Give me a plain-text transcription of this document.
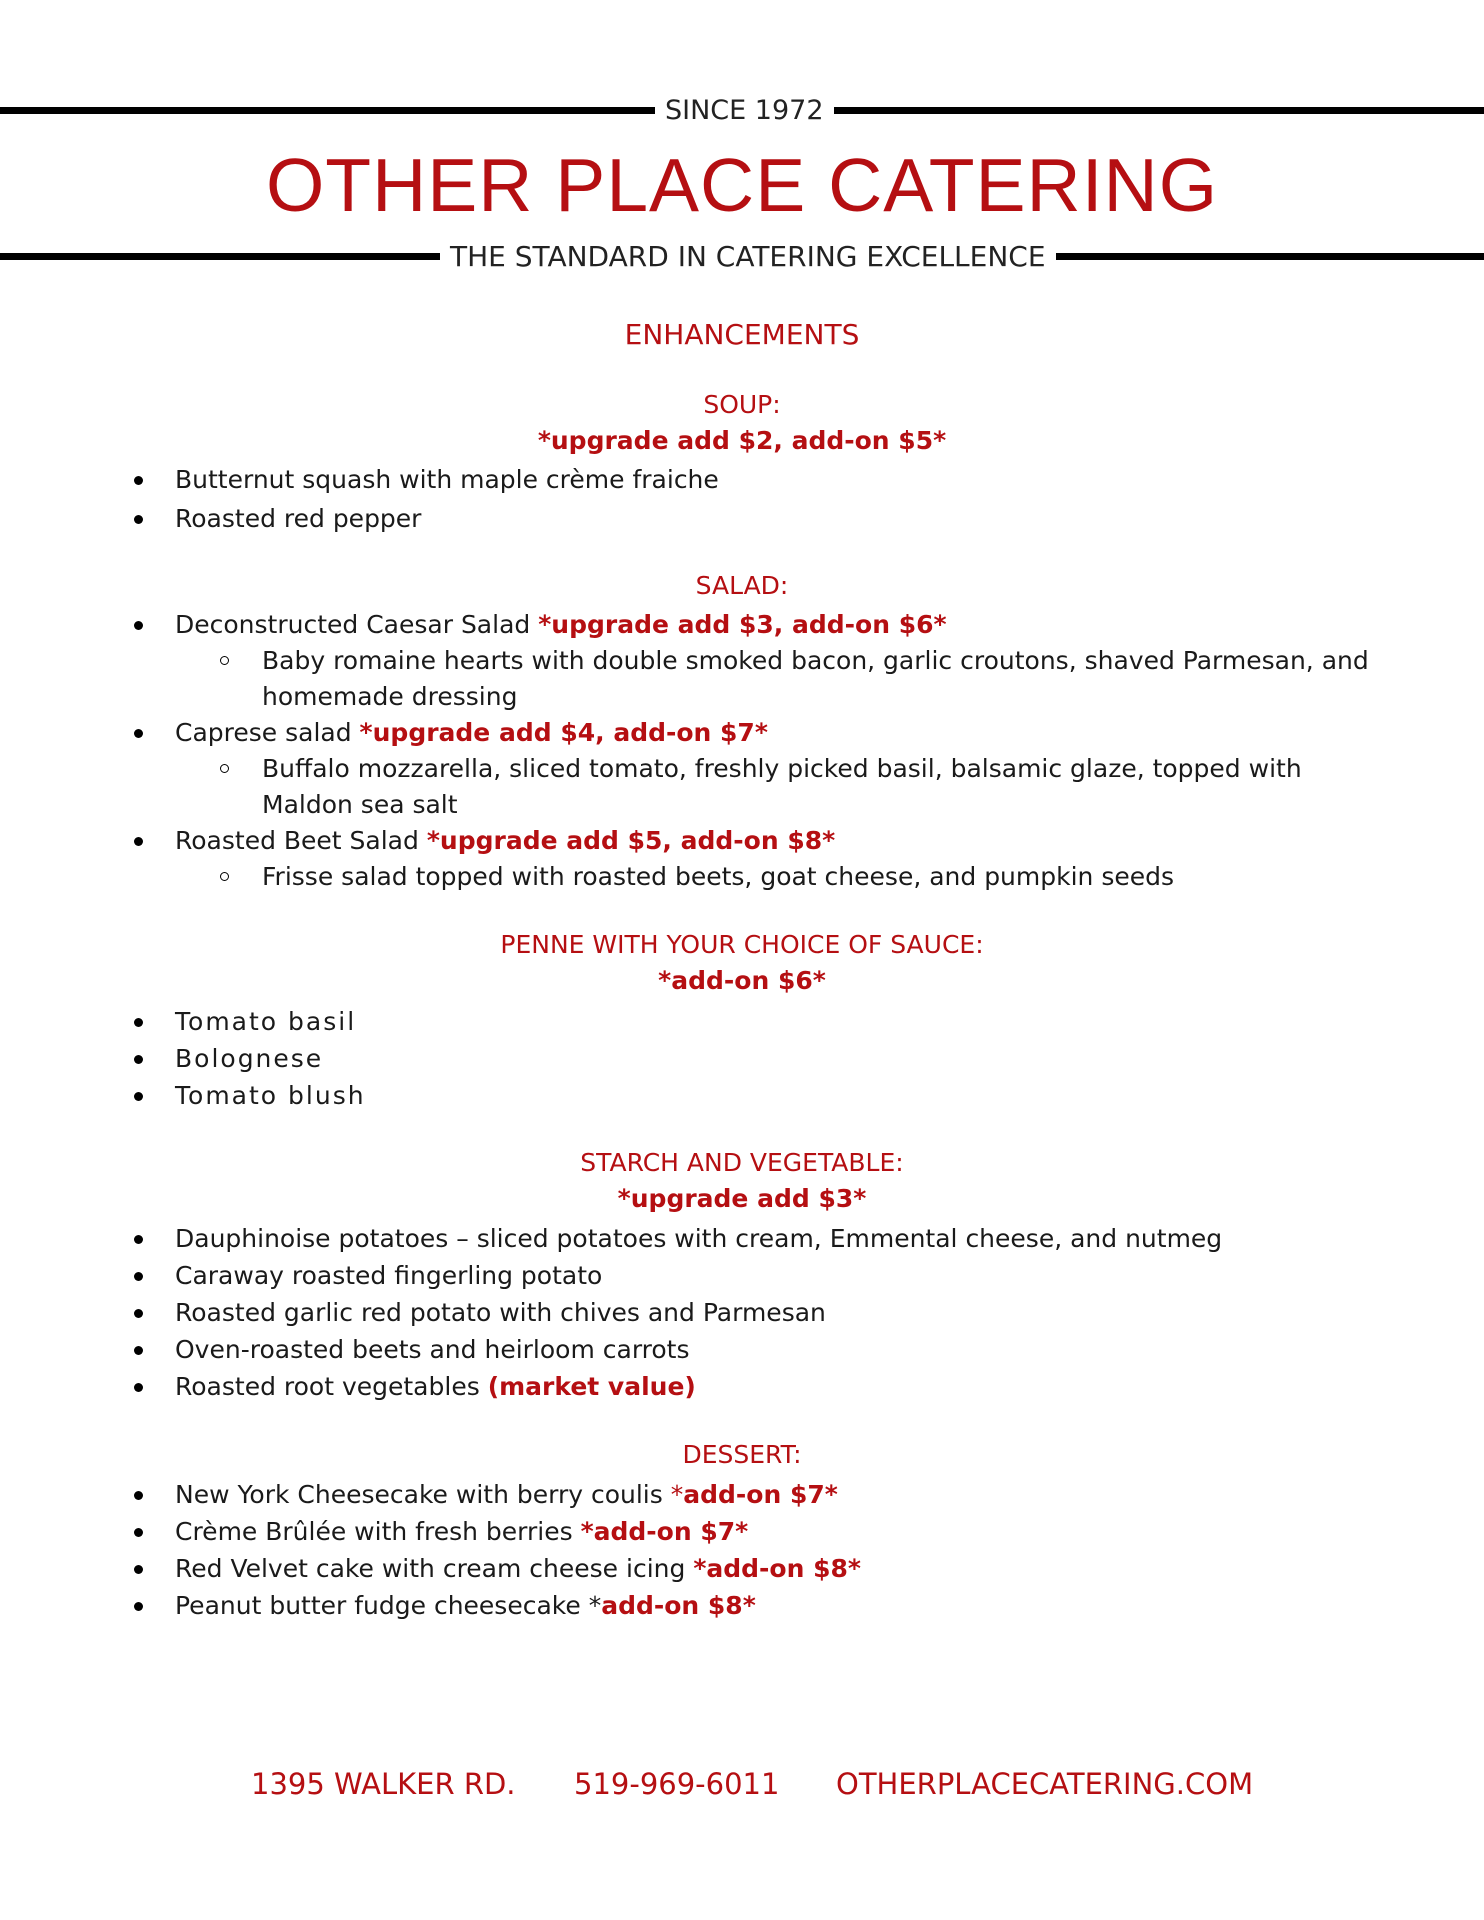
SINCE 1972
OTHER PLACE CATERING
THE STANDARD IN CATERING EXCELLENCE
ENHANCEMENTS
SOUP:
*upgrade add $2, add-on $5*
Butternut squash with maple crème fraiche
Roasted red pepper
SALAD:
Deconstructed Caesar Salad *upgrade add $3, add-on $6*
Baby romaine hearts with double smoked bacon, garlic croutons, shaved Parmesan, and homemade dressing
Caprese salad *upgrade add $4, add-on $7*
Buffalo mozzarella, sliced tomato, freshly picked basil, balsamic glaze, topped with Maldon sea salt
Roasted Beet Salad *upgrade add $5, add-on $8*
Frisse salad topped with roasted beets, goat cheese, and pumpkin seeds
PENNE WITH YOUR CHOICE OF SAUCE:
*add-on $6*
Tomato basil
Bolognese
Tomato blush
STARCH AND VEGETABLE:
*upgrade add $3*
Dauphinoise potatoes – sliced potatoes with cream, Emmental cheese, and nutmeg
Caraway roasted fingerling potato
Roasted garlic red potato with chives and Parmesan
Oven-roasted beets and heirloom carrots
Roasted root vegetables (market value)
DESSERT:
New York Cheesecake with berry coulis *add-on $7*
Crème Brûlée with fresh berries *add-on $7*
Red Velvet cake with cream cheese icing *add-on $8*
Peanut butter fudge cheesecake *add-on $8*
1395 WALKER RD. 519-969-6011 OTHERPLACECATERING.COM
